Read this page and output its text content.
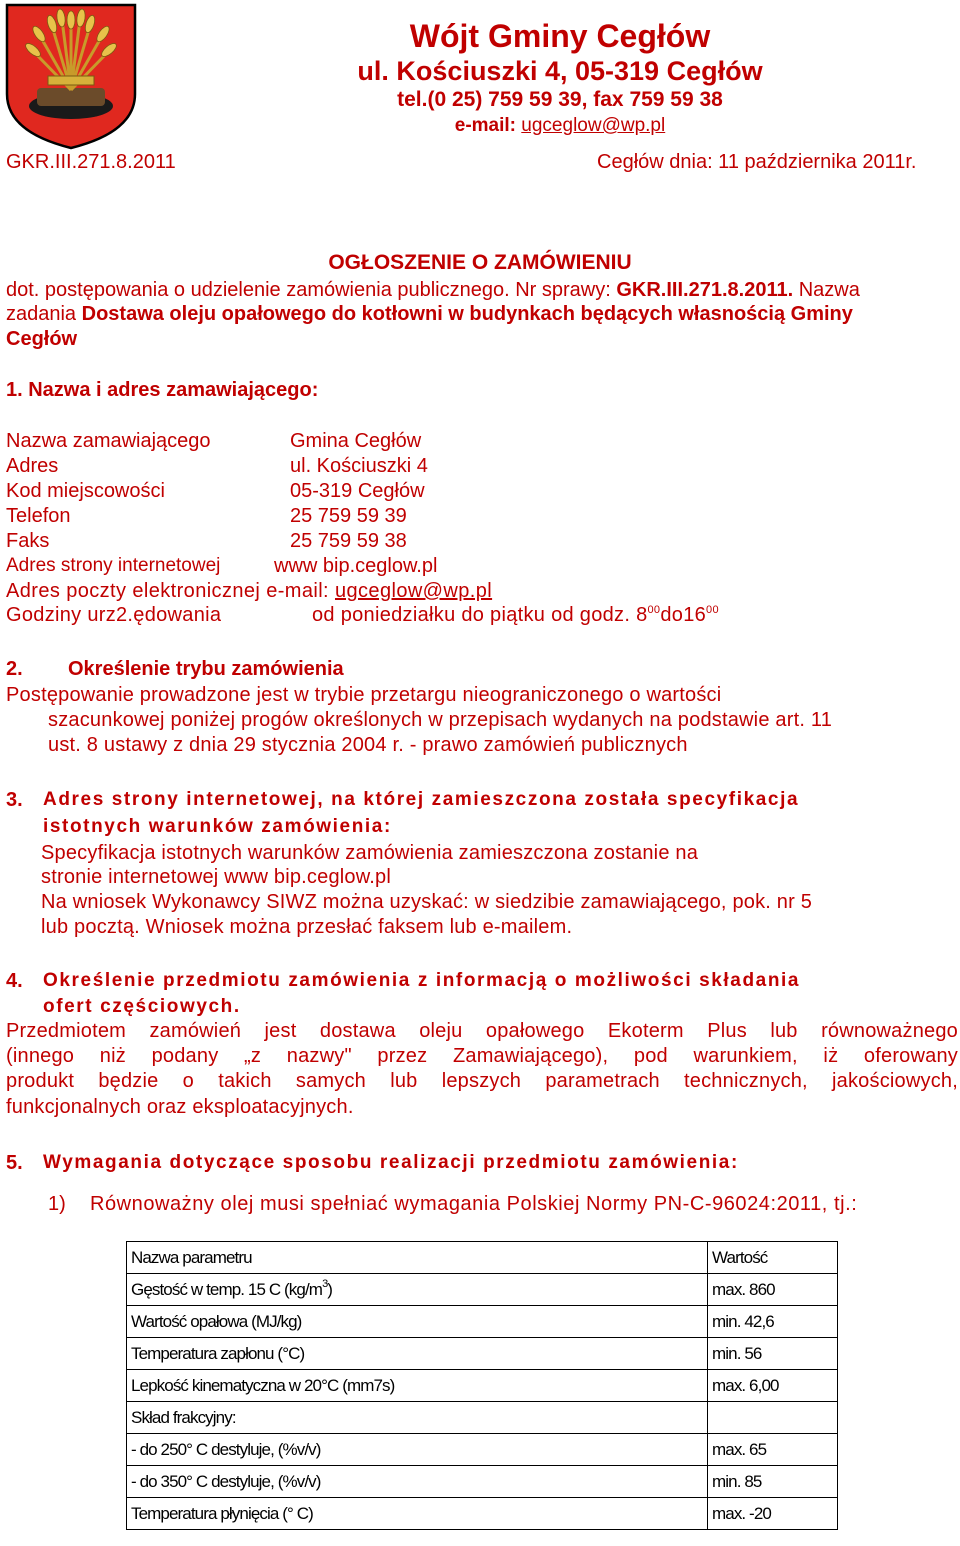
Wójt Gminy Cegłów
ul. Kościuszki 4, 05-319 Cegłów
tel.(0 25) 759 59 39, fax 759 59 38
e-mail: ugceglow@wp.pl
GKR.III.271.8.2011	Cegłów dnia: 11 października 2011r.
OGŁOSZENIE O ZAMÓWIENIU
dot. postępowania o udzielenie zamówienia publicznego. Nr sprawy: GKR.III.271.8.2011. Nazwa
zadania Dostawa oleju opałowego do kotłowni w budynkach będących własnością Gminy
Cegłów
1. Nazwa i adres zamawiającego:
Nazwa zamawiającego	Gmina Cegłów
Adres	ul. Kościuszki 4
Kod miejscowości	05-319 Cegłów
Telefon	25 759 59 39
Faks	25 759 59 38
Adres strony internetowej	www bip.ceglow.pl
Adres poczty elektronicznej e-mail: ugceglow@wp.pl
Godziny urz2.ędowania	od poniedziałku do piątku od godz. $8^{00}do16^{00}$
2. Określenie trybu zamówienia
Postępowanie prowadzone jest w trybie przetargu nieograniczonego o wartości
szacunkowej poniżej progów określonych w przepisach wydanych na podstawie art. 11
ust. 8 ustawy z dnia 29 stycznia 2004 r. - prawo zamówień publicznych
3. Adres strony internetowej, na której zamieszczona została specyfikacja
istotnych warunków zamówienia:
Specyfikacja istotnych warunków zamówienia zamieszczona zostanie na
stronie internetowej www bip.ceglow.pl
Na wniosek Wykonawcy SIWZ można uzyskać: w siedzibie zamawiającego, pok. nr 5
lub pocztą. Wniosek można przesłać faksem lub e-mailem.
4. Określenie przedmiotu zamówienia z informacją o możliwości składania
ofert częściowych.
Przedmiotem zamówień jest dostawa oleju opałowego Ekoterm Plus lub równoważnego
(innego niż podany „z nazwy" przez Zamawiającego), pod warunkiem, iż oferowany
produkt będzie o takich samych lub lepszych parametrach technicznych, jakościowych,
funkcjonalnych oraz eksploatacyjnych.
5. Wymagania dotyczące sposobu realizacji przedmiotu zamówienia:
1) Równoważny olej musi spełniać wymagania Polskiej Normy PN-C-96024:2011, tj.:
Nazwa parametru	Wartość
Gęstość w temp. 15 C $(kg/m^3)$	max. 860
Wartość opałowa (MJ/kg)	min. 42,6
Temperatura zapłonu (°C)	min. 56
Lepkość kinematyczna w 20°C (mm7s)	max. 6,00
Skład frakcyjny:	
- do 250° C destyluje, (%v/v)	max. 65
- do 350° C destyluje, (%v/v)	min. 85
Temperatura płynięcia (° C)	max. -20
